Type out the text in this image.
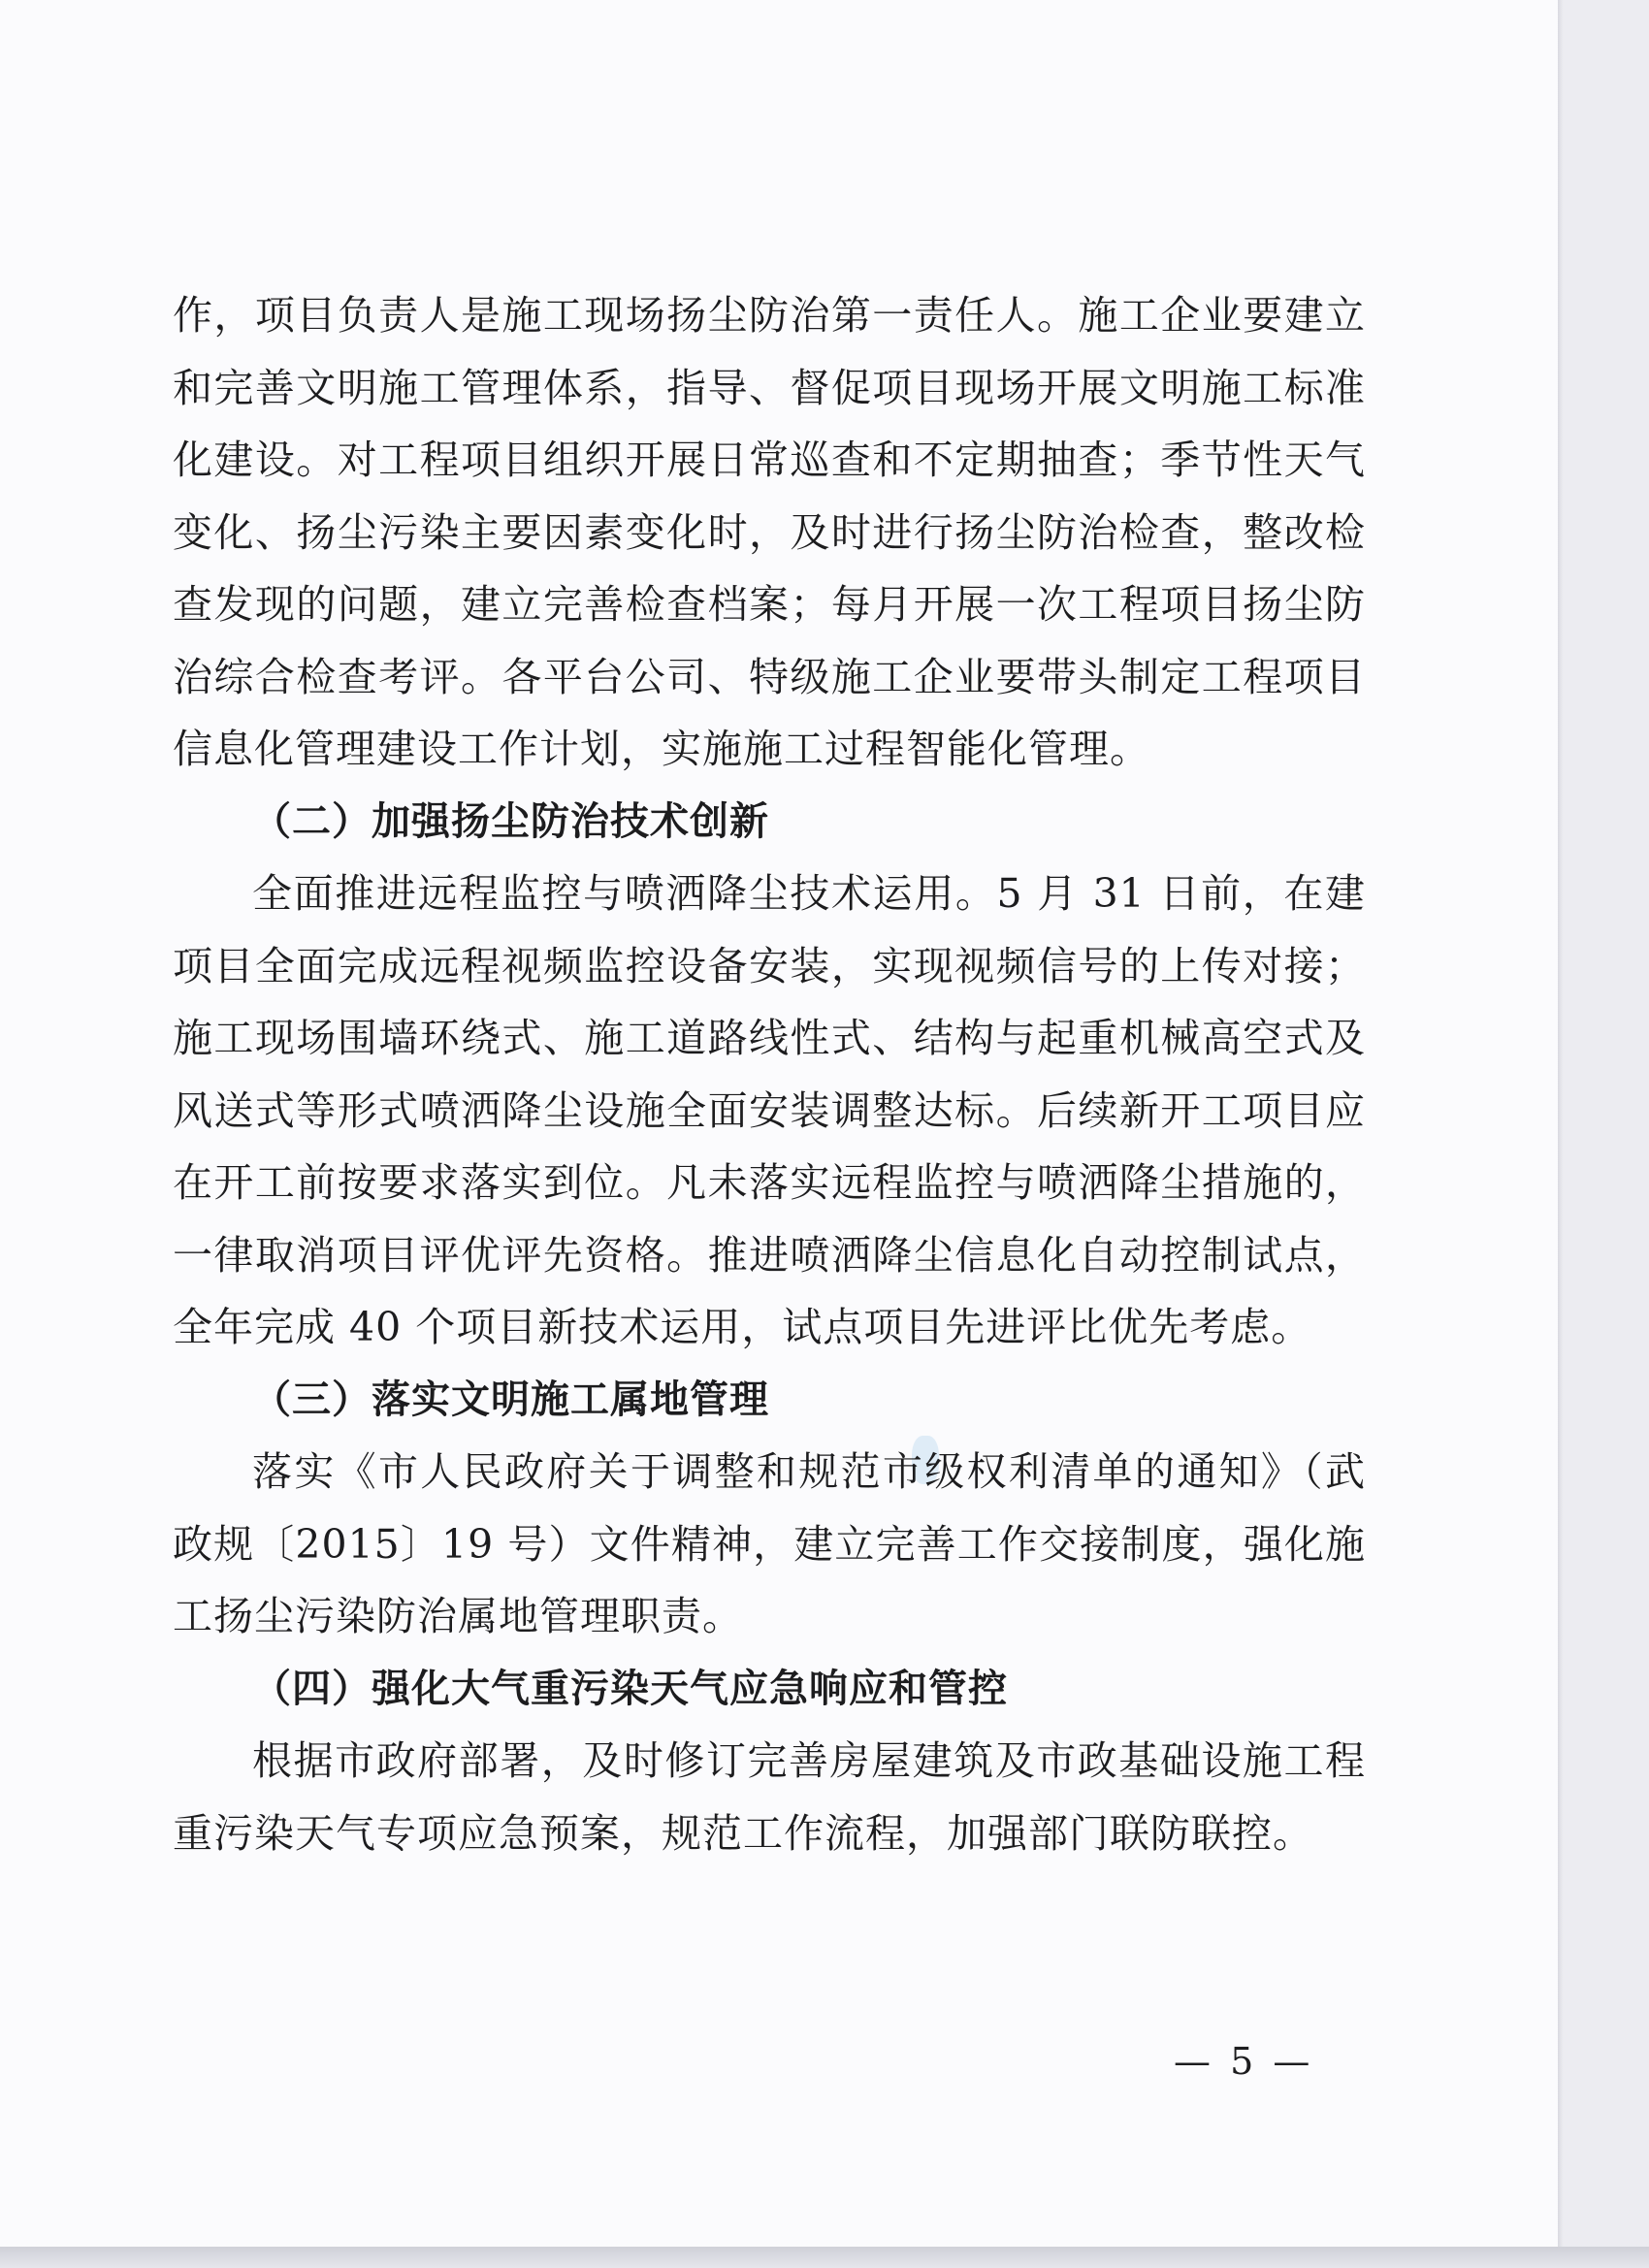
作，项目负责人是施工现场扬尘防治第一责任人。施工企业要建立和完善文明施工管理体系，指导、督促项目现场开展文明施工标准化建设。对工程项目组织开展日常巡查和不定期抽查；季节性天气变化、扬尘污染主要因素变化时，及时进行扬尘防治检查，整改检查发现的问题，建立完善检查档案；每月开展一次工程项目扬尘防治综合检查考评。各平台公司、特级施工企业要带头制定工程项目信息化管理建设工作计划，实施施工过程智能化管理。

（二）加强扬尘防治技术创新

全面推进远程监控与喷洒降尘技术运用。5 月 31 日前，在建项目全面完成远程视频监控设备安装，实现视频信号的上传对接；施工现场围墙环绕式、施工道路线性式、结构与起重机械高空式及风送式等形式喷洒降尘设施全面安装调整达标。后续新开工项目应在开工前按要求落实到位。凡未落实远程监控与喷洒降尘措施的，一律取消项目评优评先资格。推进喷洒降尘信息化自动控制试点，全年完成 40 个项目新技术运用，试点项目先进评比优先考虑。

（三）落实文明施工属地管理

落实《市人民政府关于调整和规范市级权利清单的通知》（武政规〔2015〕19 号）文件精神，建立完善工作交接制度，强化施工扬尘污染防治属地管理职责。

（四）强化大气重污染天气应急响应和管控

根据市政府部署，及时修订完善房屋建筑及市政基础设施工程重污染天气专项应急预案，规范工作流程，加强部门联防联控。

— 5 —
